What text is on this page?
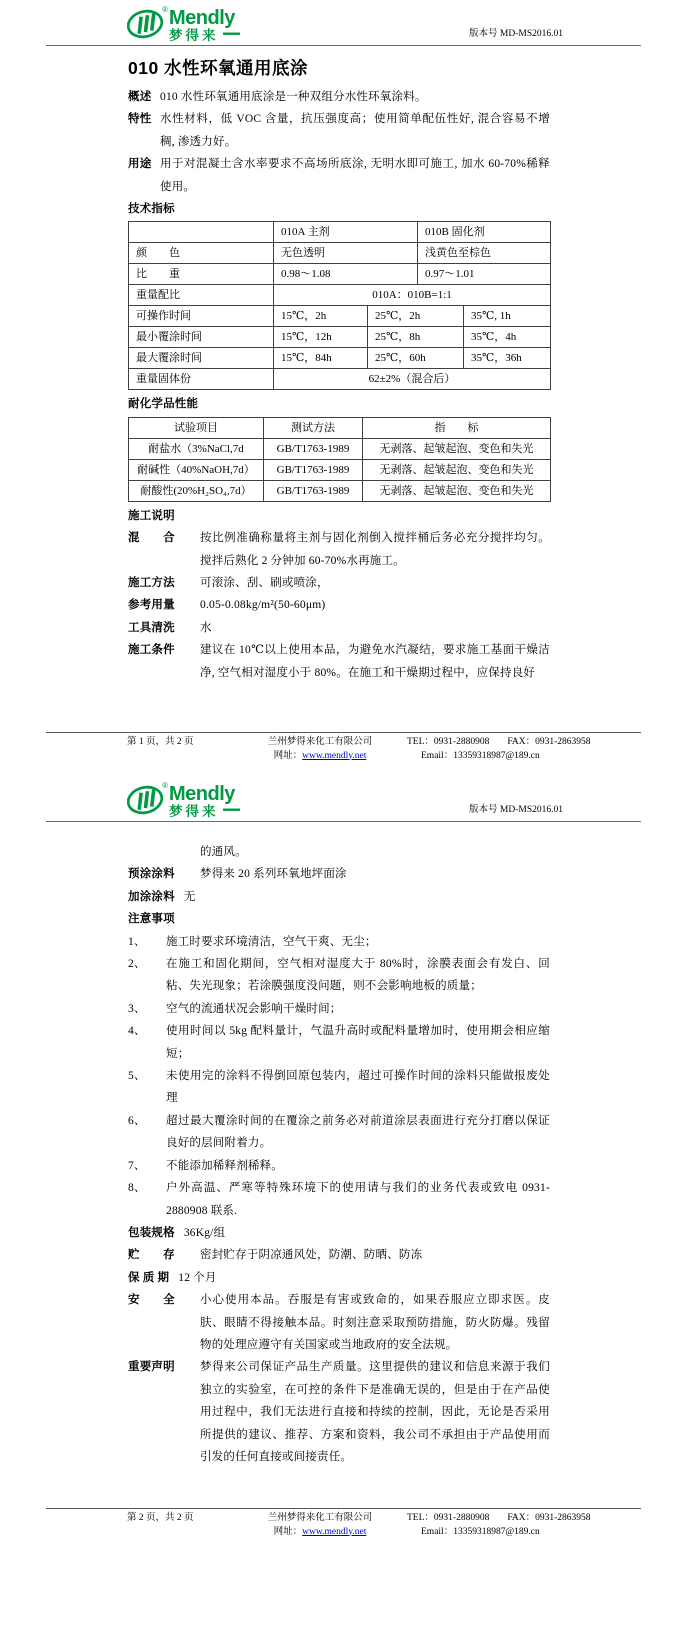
® Mendly
梦得来	版本号 MD-MS2016.01
010 水性环氧通用底涂
概述 010 水性环氧通用底涂是一种双组分水性环氧涂料。
特性 水性材料，低 VOC 含量，抗压强度高；使用简单配伍性好, 混合容易不增稠, 渗透力好。
用途 用于对混凝土含水率要求不高场所底涂, 无明水即可施工, 加水 60-70%稀释使用。
技术指标
	010A 主剂		010B 固化剂	
颜　　色	无色透明		浅黄色至棕色	
比　　重	0.98～1.08		0.97～1.01	
重量配比	010A：010B=1:1			
可操作时间	15℃，2h	25℃，2h		35℃, 1h
最小覆涂时间	15℃，12h	25℃，8h		35℃，4h
最大覆涂时间	15℃，84h	25℃，60h		35℃，36h
重量固体份	62±2%（混合后）			
耐化学品性能
试验项目	测试方法	指　　标
耐盐水（3%NaCl,7d	GB/T1763-1989	无剥落、起皱起泡、变色和失光
耐碱性（40%NaOH,7d）	GB/T1763-1989	无剥落、起皱起泡、变色和失光
耐酸性(20%H₂SO₄,7d）	GB/T1763-1989	无剥落、起皱起泡、变色和失光
施工说明
混　　合	按比例准确称量将主剂与固化剂倒入搅拌桶后务必充分搅拌均匀。搅拌后熟化 2 分钟加 60-70%水再施工。
施工方法	可滚涂、刮、刷或喷涂，
参考用量	0.05-0.08kg/m²(50-60μm)
工具清洗	水
施工条件	建议在 10℃以上使用本品，为避免水汽凝结，要求施工基面干燥洁净, 空气相对湿度小于 80%。在施工和干燥期过程中，应保持良好
第 1 页，共 2 页	兰州梦得来化工有限公司
网址：www.mendly.net
TEL：0931-2880908 FAX：0931-2863958
Email：13359318987@189.cn
® Mendly
梦得来	版本号 MD-MS2016.01
的通风。
预涂涂料	梦得来 20 系列环氧地坪面涂
加涂涂料 无
注意事项
1、	施工时要求环境清洁，空气干爽、无尘；
2、	在施工和固化期间，空气相对湿度大于 80%时，涂膜表面会有发白、回粘、失光现象；若涂膜强度没问题，则不会影响地板的质量；
3、	空气的流通状况会影响干燥时间；
4、	使用时间以 5kg 配料量计，气温升高时或配料量增加时，使用期会相应缩短；
5、	未使用完的涂料不得倒回原包装内，超过可操作时间的涂料只能做报废处理
6、	超过最大覆涂时间的在覆涂之前务必对前道涂层表面进行充分打磨以保证良好的层间附着力。
7、	不能添加稀释剂稀释。
8、	户外高温、严寒等特殊环境下的使用请与我们的业务代表或致电 0931-2880908 联系.
包装规格 36Kg/组
贮　　存	密封贮存于阴凉通风处，防潮、防晒、防冻
保 质 期 12 个月
安　　全	小心使用本品。吞服是有害或致命的，如果吞服应立即求医。皮肤、眼睛不得接触本品。时刻注意采取预防措施，防火防爆。残留物的处理应遵守有关国家或当地政府的安全法规。
重要声明	梦得来公司保证产品生产质量。这里提供的建议和信息来源于我们独立的实验室，在可控的条件下是准确无误的，但是由于在产品使用过程中，我们无法进行直接和持续的控制，因此，无论是否采用所提供的建议、推荐、方案和资料，我公司不承担由于产品使用而引发的任何直接或间接责任。
第 2 页，共 2 页	兰州梦得来化工有限公司
网址：www.mendly.net
TEL：0931-2880908 FAX：0931-2863958
Email：13359318987@189.cn
